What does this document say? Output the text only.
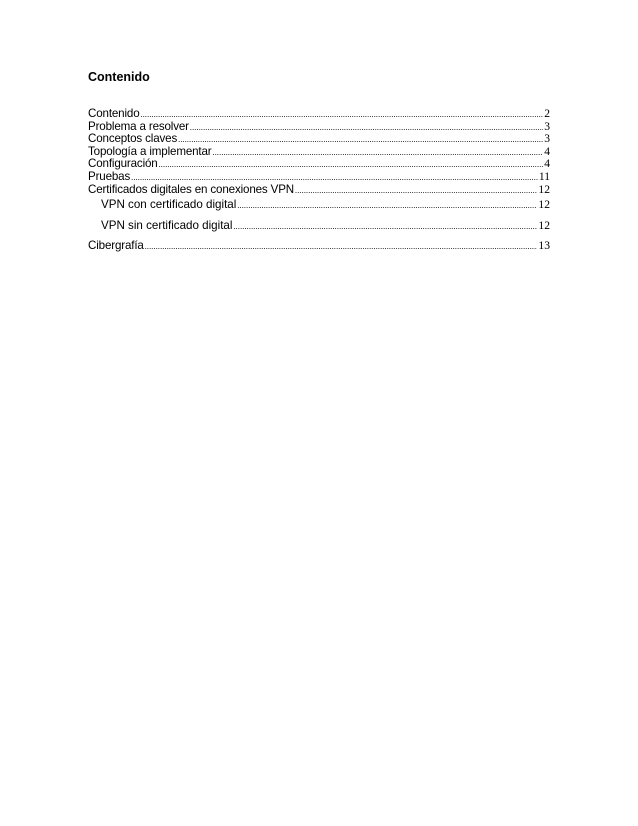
Contenido
Contenido .....	2
Problema a resolver .....	3
Conceptos claves .....	3
Topología a implementar .....	4
Configuración .....	4
Pruebas .....	11
Certificados digitales en conexiones VPN .....	12
VPN con certificado digital .....	12
VPN sin certificado digital .....	12
Cibergrafía .....	13
